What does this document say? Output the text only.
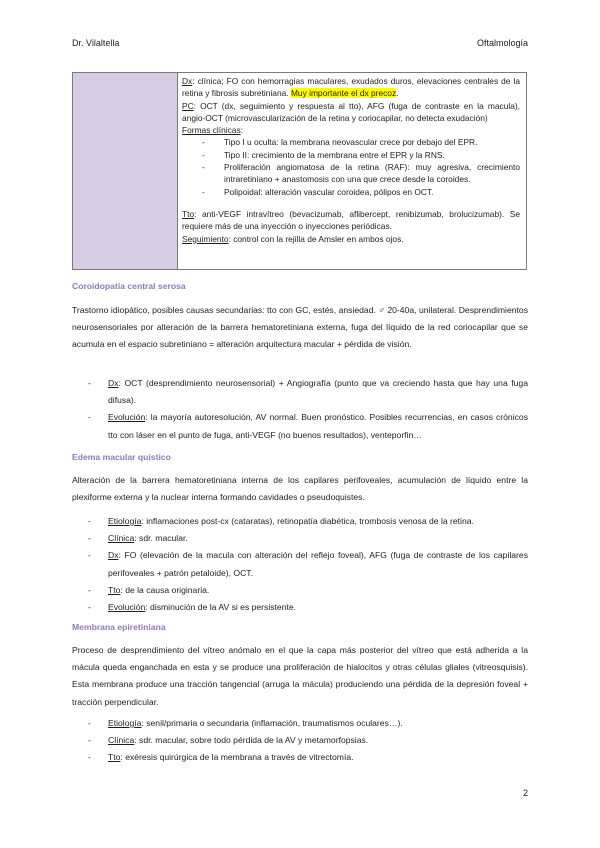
Dr. Vilaltella	Oftalmología

Dx: clínica; FO con hemorragias maculares, exudados duros, elevaciones centrales de la retina y fibrosis subretiniana. Muy importante el dx precoz.

PC: OCT (dx, seguimiento y respuesta al tto), AFG (fuga de contraste en la macula), angio-OCT (microvascularización de la retina y coriocapilar, no detecta exudación)

Formas clínicas:

- Tipo I u oculta: la membrana neovascular crece por debajo del EPR.
- Tipo II: crecimiento de la membrana entre el EPR y la RNS.
- Proliferación angiomatosa de la retina (RAF): muy agresiva, crecimiento intraretiniano + anastomosis con una que crece desde la coroides.
- Polipoidal: alteración vascular coroidea, pólipos en OCT.

Tto: anti-VEGF intravítreo (bevacizumab, aflibercept, renibizumab, brolucizumab). Se requiere más de una inyección o inyecciones periódicas.

Seguimiento: control con la rejilla de Amsler en ambos ojos.

Coroidopatía central serosa
Trastorno idiopático, posibles causas secundarias: tto con GC, estés, ansiedad. ♂ 20-40a, unilateral. Desprendimientos neurosensoriales por alteración de la barrera hematoretiniana externa, fuga del líquido de la red coriocapilar que se acumula en el espacio subretiniano = alteración arquitectura macular + pérdida de visión.
- Dx: OCT (desprendimiento neurosensorial) + Angiografía (punto que va creciendo hasta que hay una fuga difusa).
- Evolución: la mayoría autoresolución, AV normal. Buen pronóstico. Posibles recurrencias, en casos crónicos tto con láser en el punto de fuga, anti-VEGF (no buenos resultados), venteporfin…
Edema macular quístico
Alteración de la barrera hematoretiniana interna de los capilares perifoveales, acumulación de líquido entre la plexiforme externa y la nuclear interna formando cavidades o pseudoquistes.
- Etiología: inflamaciones post-cx (cataratas), retinopatía diabética, trombosis venosa de la retina.
- Clínica: sdr. macular.
- Dx: FO (elevación de la macula con alteración del reflejo foveal), AFG (fuga de contraste de los capilares perifoveales + patrón petaloide), OCT.
- Tto: de la causa originaria.
- Evolución: disminución de la AV si es persistente.
Membrana epiretiniana
Proceso de desprendimiento del vítreo anómalo en el que la capa más posterior del vítreo que está adherida a la mácula queda enganchada en esta y se produce una proliferación de hialocitos y otras células gliales (vitreosquisis). Esta membrana produce una tracción tangencial (arruga la mácula) produciendo una pérdida de la depresión foveal + tracción perpendicular.
- Etiología: senil/primaria o secundaria (inflamación, traumatismos oculares…).
- Clínica: sdr. macular, sobre todo pérdida de la AV y metamorfopsias.
- Tto: exéresis quirúrgica de la membrana a través de vitrectomía.
2
